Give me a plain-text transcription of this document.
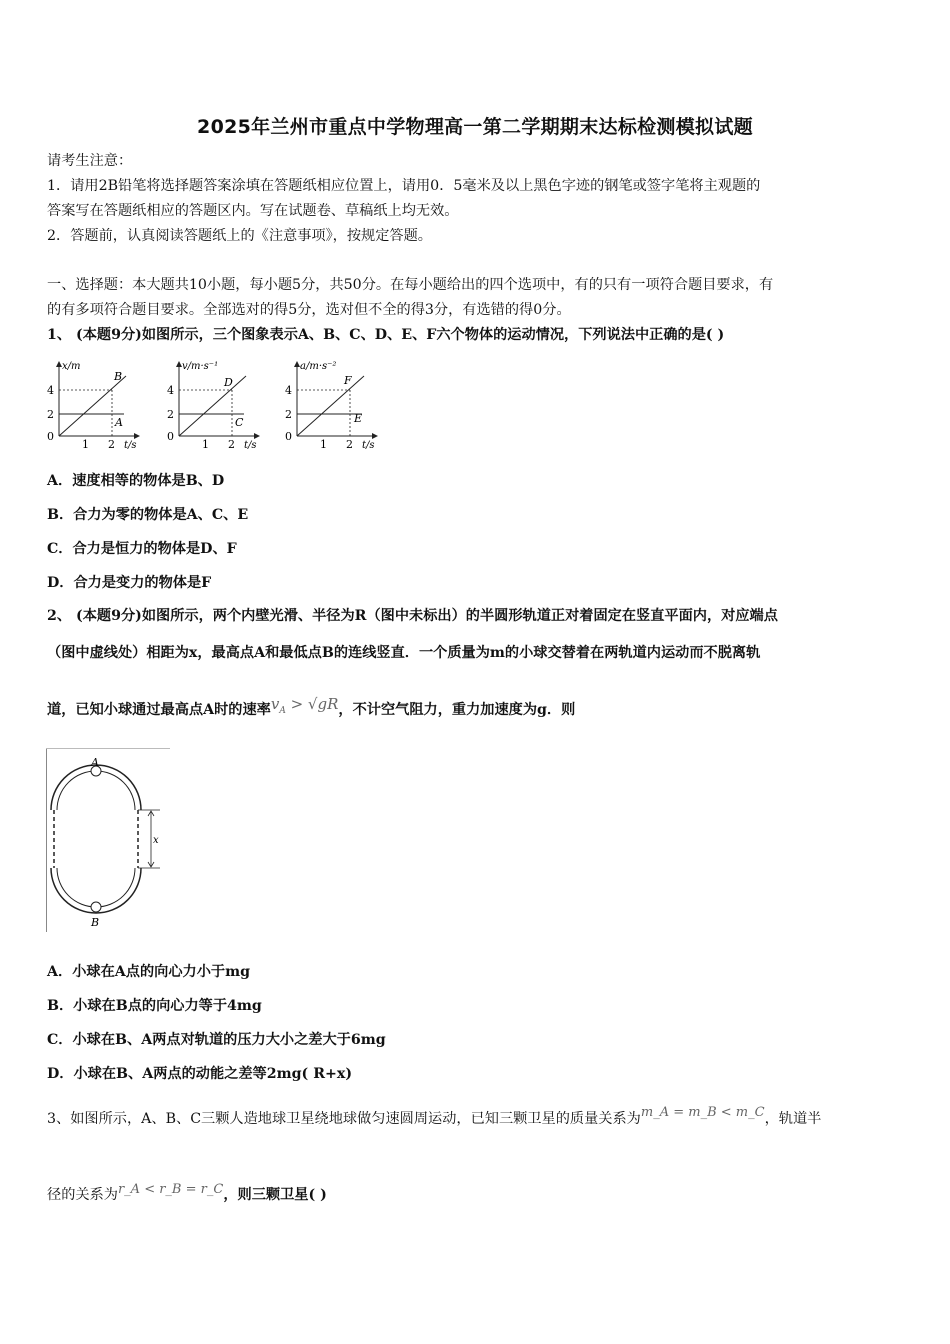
2025年兰州市重点中学物理高一第二学期期末达标检测模拟试题
请考生注意：
1．请用2B铅笔将选择题答案涂填在答题纸相应位置上，请用0．5毫米及以上黑色字迹的钢笔或签字笔将主观题的
答案写在答题纸相应的答题区内。写在试题卷、草稿纸上均无效。
2．答题前，认真阅读答题纸上的《注意事项》，按规定答题。
一、选择题：本大题共10小题，每小题5分，共50分。在每小题给出的四个选项中，有的只有一项符合题目要求，有
的有多项符合题目要求。全部选对的得5分，选对但不全的得3分，有选错的得0分。
1、 (本题9分)如图所示，三个图象表示A、B、C、D、E、F六个物体的运动情况，下列说法中正确的是( )
x/m
B
A
4
2
0
1 2 t/s
v/m·s⁻¹
D
C
4
2
0
1 2 t/s
a/m·s⁻²
F
E
4
2
0
1 2 t/s
A．速度相等的物体是B、D
B．合力为零的物体是A、C、E
C．合力是恒力的物体是D、F
D．合力是变力的物体是F
2、 (本题9分)如图所示，两个内壁光滑、半径为R（图中未标出）的半圆形轨道正对着固定在竖直平面内，对应端点
（图中虚线处）相距为x，最高点A和最低点B的连线竖直．一个质量为m的小球交替着在两轨道内运动而不脱离轨
道，已知小球通过最高点A时的速率$v_A > √gR$，不计空气阻力，重力加速度为g．则
A
B
x
A．小球在A点的向心力小于mg
B．小球在B点的向心力等于4mg
C．小球在B、A两点对轨道的压力大小之差大于6mg
D．小球在B、A两点的动能之差等2mg( R+x)
3、如图所示，A、B、C三颗人造地球卫星绕地球做匀速圆周运动，已知三颗卫星的质量关系为m_A = m_B < m_C，轨道半
径的关系为r_A < r_B = r_C，则三颗卫星( )
